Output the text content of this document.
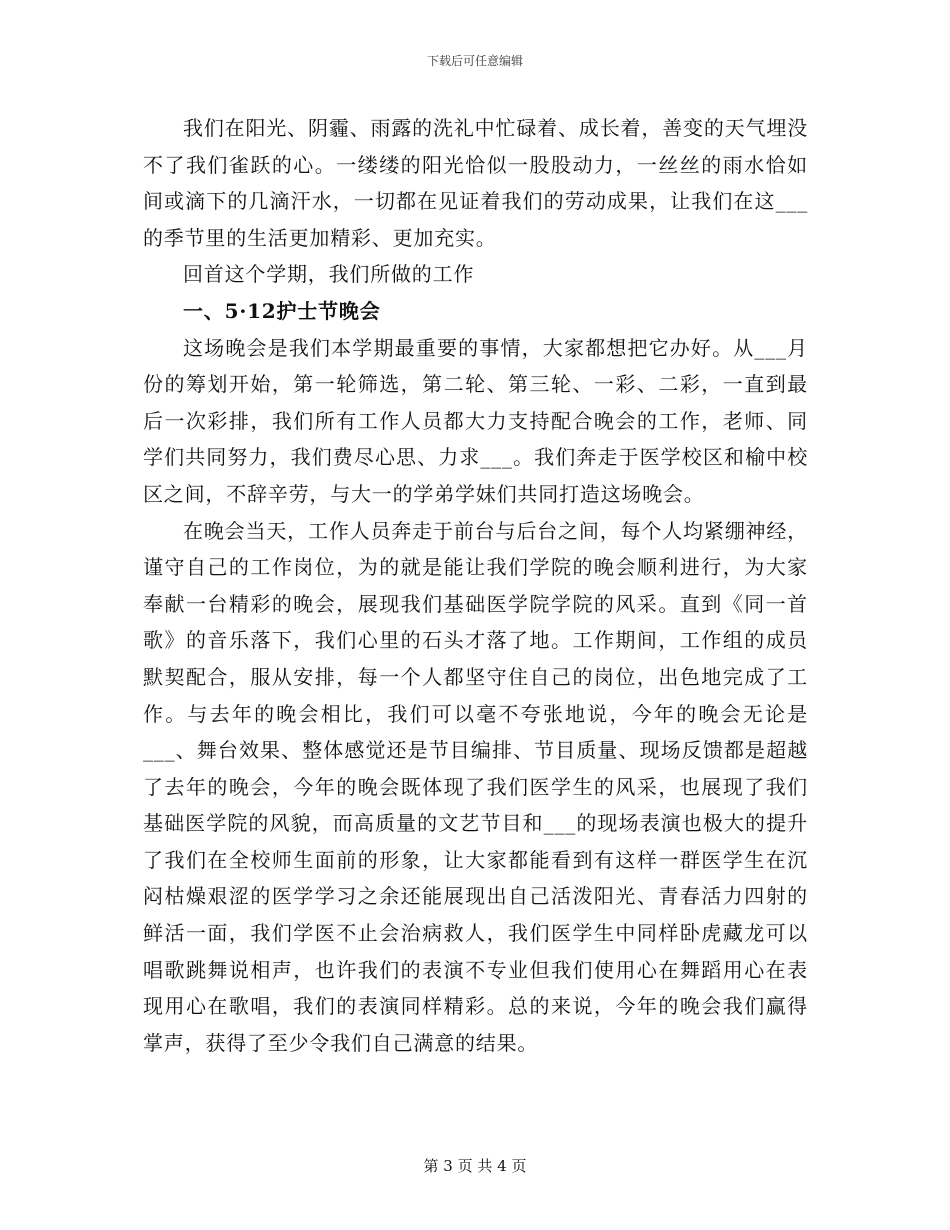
下载后可任意编辑

我们在阳光、阴霾、雨露的洗礼中忙碌着、成长着，善变的天气埋没不了我们雀跃的心。一缕缕的阳光恰似一股股动力，一丝丝的雨水恰如间或滴下的几滴汗水，一切都在见证着我们的劳动成果，让我们在这___的季节里的生活更加精彩、更加充实。

回首这个学期，我们所做的工作

一、5·12护士节晚会

这场晚会是我们本学期最重要的事情，大家都想把它办好。从___月份的筹划开始，第一轮筛选，第二轮、第三轮、一彩、二彩，一直到最后一次彩排，我们所有工作人员都大力支持配合晚会的工作，老师、同学们共同努力，我们费尽心思、力求___。我们奔走于医学校区和榆中校区之间，不辞辛劳，与大一的学弟学妹们共同打造这场晚会。

在晚会当天，工作人员奔走于前台与后台之间，每个人均紧绷神经，谨守自己的工作岗位，为的就是能让我们学院的晚会顺利进行，为大家奉献一台精彩的晚会，展现我们基础医学院学院的风采。直到《同一首歌》的音乐落下，我们心里的石头才落了地。工作期间，工作组的成员默契配合，服从安排，每一个人都坚守住自己的岗位，出色地完成了工作。与去年的晚会相比，我们可以毫不夸张地说，今年的晚会无论是___、舞台效果、整体感觉还是节目编排、节目质量、现场反馈都是超越了去年的晚会，今年的晚会既体现了我们医学生的风采，也展现了我们基础医学院的风貌，而高质量的文艺节目和___的现场表演也极大的提升了我们在全校师生面前的形象，让大家都能看到有这样一群医学生在沉闷枯燥艰涩的医学学习之余还能展现出自己活泼阳光、青春活力四射的鲜活一面，我们学医不止会治病救人，我们医学生中同样卧虎藏龙可以唱歌跳舞说相声，也许我们的表演不专业但我们使用心在舞蹈用心在表现用心在歌唱，我们的表演同样精彩。总的来说，今年的晚会我们赢得掌声，获得了至少令我们自己满意的结果。

第 3 页 共 4 页
